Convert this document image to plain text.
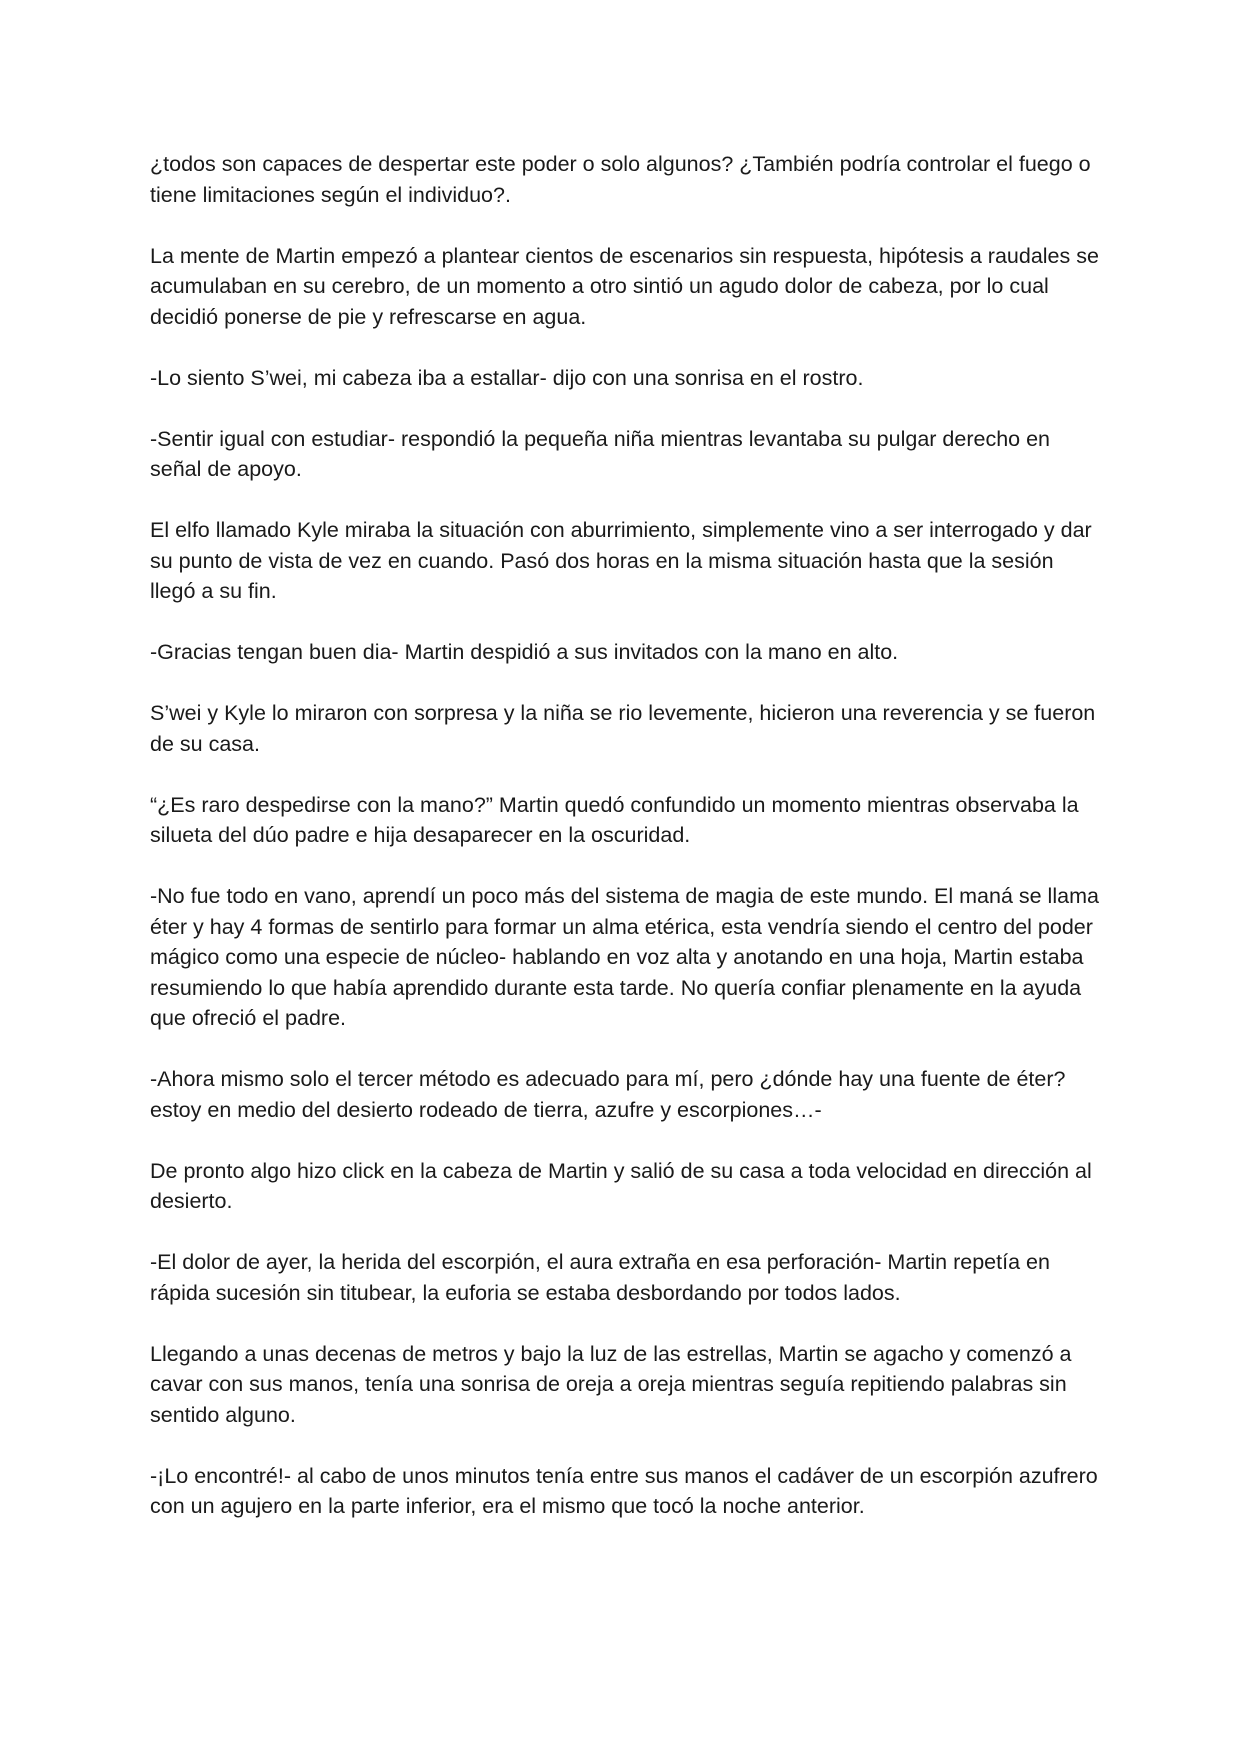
¿todos son capaces de despertar este poder o solo algunos? ¿También podría controlar el fuego o tiene limitaciones según el individuo?.

La mente de Martin empezó a plantear cientos de escenarios sin respuesta, hipótesis a raudales se acumulaban en su cerebro, de un momento a otro sintió un agudo dolor de cabeza, por lo cual decidió ponerse de pie y refrescarse en agua.

-Lo siento S’wei, mi cabeza iba a estallar- dijo con una sonrisa en el rostro.

-Sentir igual con estudiar- respondió la pequeña niña mientras levantaba su pulgar derecho en señal de apoyo.

El elfo llamado Kyle miraba la situación con aburrimiento, simplemente vino a ser interrogado y dar su punto de vista de vez en cuando. Pasó dos horas en la misma situación hasta que la sesión llegó a su fin.

-Gracias tengan buen dia- Martin despidió a sus invitados con la mano en alto.

S’wei y Kyle lo miraron con sorpresa y la niña se rio levemente, hicieron una reverencia y se fueron de su casa.

“¿Es raro despedirse con la mano?” Martin quedó confundido un momento mientras observaba la silueta del dúo padre e hija desaparecer en la oscuridad.

-No fue todo en vano, aprendí un poco más del sistema de magia de este mundo. El maná se llama éter y hay 4 formas de sentirlo para formar un alma etérica, esta vendría siendo el centro del poder mágico como una especie de núcleo- hablando en voz alta y anotando en una hoja, Martin estaba resumiendo lo que había aprendido durante esta tarde. No quería confiar plenamente en la ayuda que ofreció el padre.

-Ahora mismo solo el tercer método es adecuado para mí, pero ¿dónde hay una fuente de éter? estoy en medio del desierto rodeado de tierra, azufre y escorpiones…-

De pronto algo hizo click en la cabeza de Martin y salió de su casa a toda velocidad en dirección al desierto.

-El dolor de ayer, la herida del escorpión, el aura extraña en esa perforación- Martin repetía en rápida sucesión sin titubear, la euforia se estaba desbordando por todos lados.

Llegando a unas decenas de metros y bajo la luz de las estrellas, Martin se agacho y comenzó a cavar con sus manos, tenía una sonrisa de oreja a oreja mientras seguía repitiendo palabras sin sentido alguno.

-¡Lo encontré!- al cabo de unos minutos tenía entre sus manos el cadáver de un escorpión azufrero con un agujero en la parte inferior, era el mismo que tocó la noche anterior.
